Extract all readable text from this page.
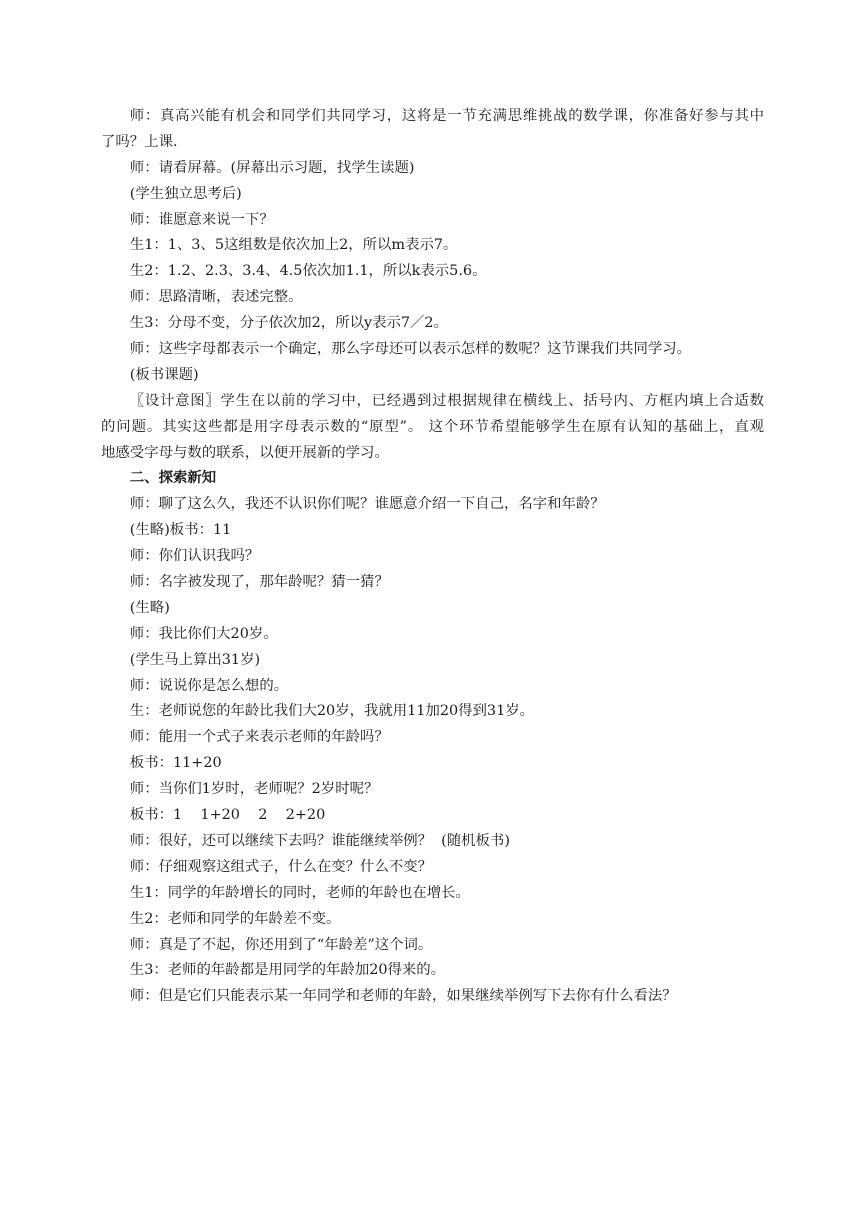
师：真高兴能有机会和同学们共同学习，这将是一节充满思维挑战的数学课，你准备好参与其中
了吗？上课.
师：请看屏幕。(屏幕出示习题，找学生读题)
(学生独立思考后)
师：谁愿意来说一下？
生1：1、3、5这组数是依次加上2，所以m表示7。
生2：1.2、2.3、3.4、4.5依次加1.1，所以k表示5.6。
师：思路清晰，表述完整。
生3：分母不变，分子依次加2，所以y表示7／2。
师：这些字母都表示一个确定，那么字母还可以表示怎样的数呢？这节课我们共同学习。
(板书课题)
〖设计意图〗学生在以前的学习中，已经遇到过根据规律在横线上、括号内、方框内填上合适数
的问题。其实这些都是用字母表示数的“原型”。 这个环节希望能够学生在原有认知的基础上，直观
地感受字母与数的联系，以便开展新的学习。
二、探索新知
师：聊了这么久，我还不认识你们呢？谁愿意介绍一下自己，名字和年龄？
(生略)板书：11
师：你们认识我吗？
师：名字被发现了，那年龄呢？猜一猜？
(生略)
师：我比你们大20岁。
(学生马上算出31岁)
师：说说你是怎么想的。
生：老师说您的年龄比我们大20岁，我就用11加20得到31岁。
师：能用一个式子来表示老师的年龄吗？
板书：11+20
师：当你们1岁时，老师呢？2岁时呢？
板书：1    1+20    2    2+20
师：很好，还可以继续下去吗？谁能继续举例？  (随机板书)
师：仔细观察这组式子，什么在变？什么不变？
生1：同学的年龄增长的同时，老师的年龄也在增长。
生2：老师和同学的年龄差不变。
师：真是了不起，你还用到了“年龄差”这个词。
生3：老师的年龄都是用同学的年龄加20得来的。
师：但是它们只能表示某一年同学和老师的年龄，如果继续举例写下去你有什么看法？
